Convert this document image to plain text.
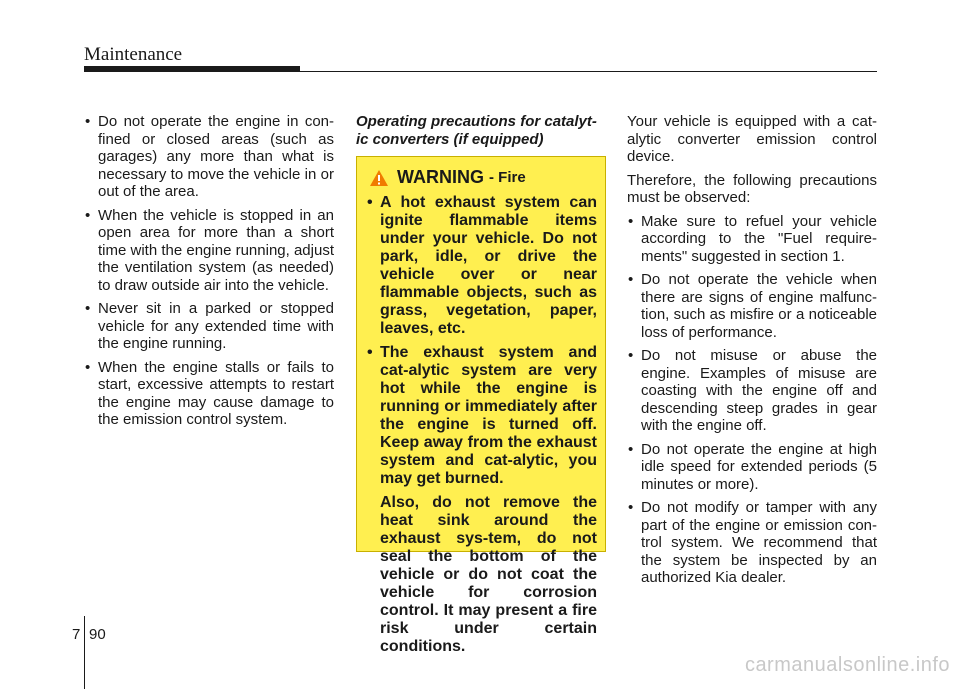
Maintenance
• Do not operate the engine in con-fined or closed areas (such as garages) any more than what is necessary to move the vehicle in or out of the area.
• When the vehicle is stopped in an open area for more than a short time with the engine running, adjust the ventilation system (as needed) to draw outside air into the vehicle.
• Never sit in a parked or stopped vehicle for any extended time with the engine running.
• When the engine stalls or fails to start, excessive attempts to restart the engine may cause damage to the emission control system.

Operating precautions for catalyt-ic converters (if equipped)

WARNING - Fire
• A hot exhaust system can ignite flammable items under your vehicle. Do not park, idle, or drive the vehicle over or near flammable objects, such as grass, vegetation, paper, leaves, etc.
• The exhaust system and cat-alytic system are very hot while the engine is running or immediately after the engine is turned off. Keep away from the exhaust system and cat-alytic, you may get burned.

Also, do not remove the heat sink around the exhaust sys-tem, do not seal the bottom of the vehicle or do not coat the vehicle for corrosion control. It may present a fire risk under certain conditions.

Your vehicle is equipped with a cat-alytic converter emission control device.

Therefore, the following precautions must be observed:

• Make sure to refuel your vehicle according to the "Fuel require-ments" suggested in section 1.
• Do not operate the vehicle when there are signs of engine malfunc-tion, such as misfire or a noticeable loss of performance.
• Do not misuse or abuse the engine. Examples of misuse are coasting with the engine off and descending steep grades in gear with the engine off.
• Do not operate the engine at high idle speed for extended periods (5 minutes or more).
• Do not modify or tamper with any part of the engine or emission con-trol system. We recommend that the system be inspected by an authorized Kia dealer.
7 90
carmanualsonline.info
